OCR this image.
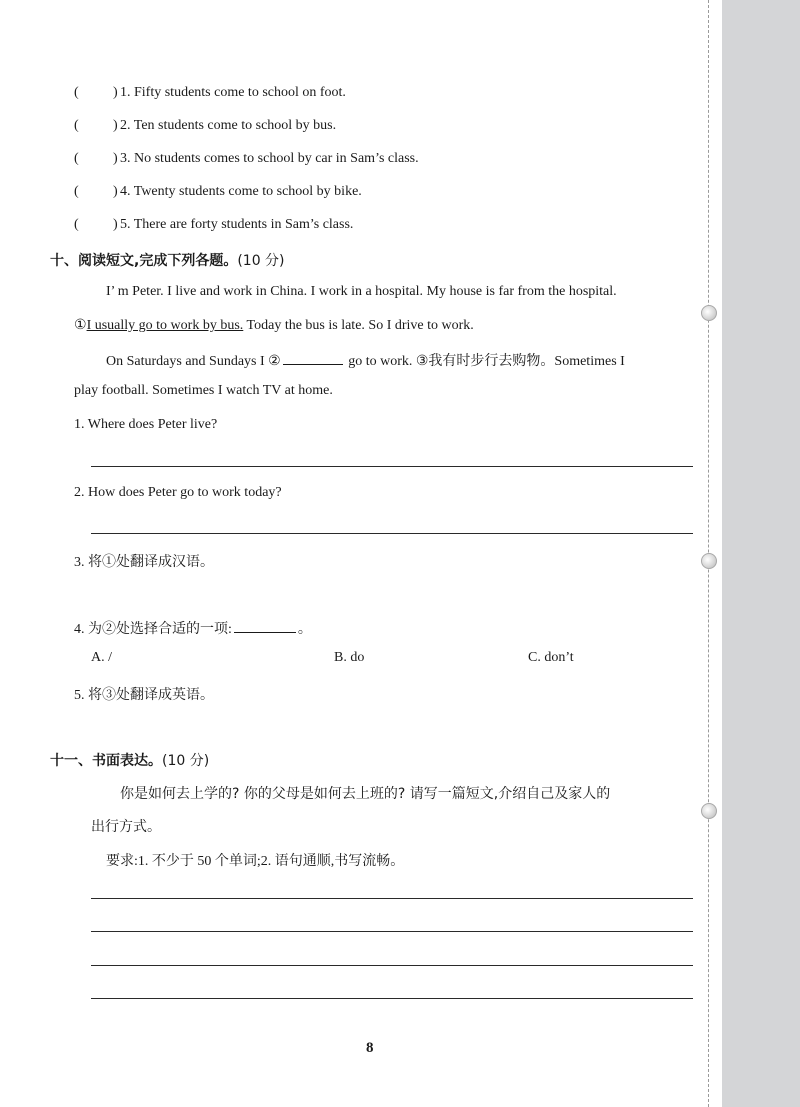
( ) 1. Fifty students come to school on foot.
( ) 2. Ten students come to school by bus.
( ) 3. No students comes to school by car in Sam’s class.
( ) 4. Twenty students come to school by bike.
( ) 5. There are forty students in Sam’s class.
十、阅读短文,完成下列各题。(10 分)
I’ m Peter. I live and work in China. I work in a hospital. My house is far from the hospital.
①I usually go to work by bus. Today the bus is late. So I drive to work.
On Saturdays and Sundays I ②	go to work. ③我有时步行去购物。Sometimes I
play football. Sometimes I watch TV at home.
1. Where does Peter live?
2. How does Peter go to work today?
3. 将①处翻译成汉语。
4. 为②处选择合适的一项:	。
A. /	B. do	C. don’t
5. 将③处翻译成英语。
十一、书面表达。(10 分)
你是如何去上学的? 你的父母是如何去上班的? 请写一篇短文,介绍自己及家人的
出行方式。
要求:1. 不少于 50 个单词;2. 语句通顺,书写流畅。
8
